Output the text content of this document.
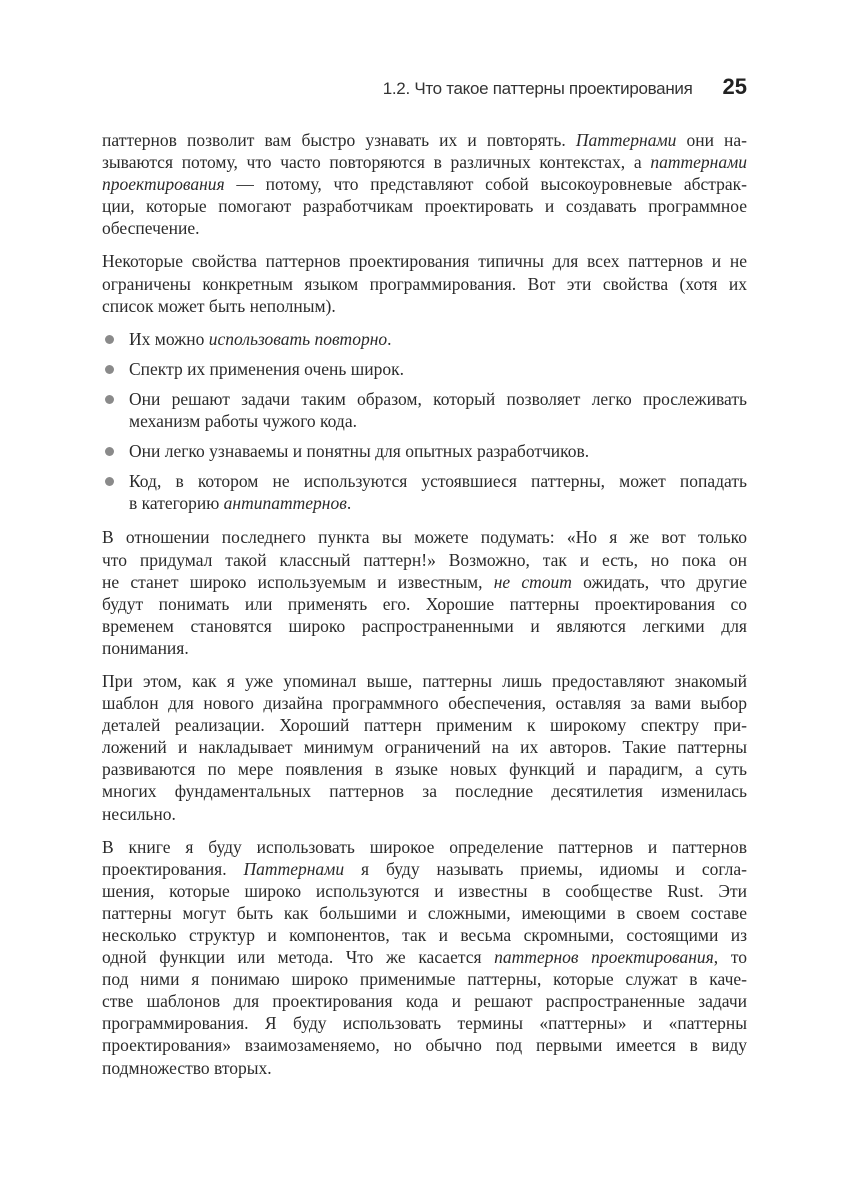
1.2. Что такое паттерны проектирования 25
паттернов позволит вам быстро узнавать их и повторять. Паттернами они на-
зываются потому, что часто повторяются в различных контекстах, а паттернами
проектирования — потому, что представляют собой высокоуровневые абстрак-
ции, которые помогают разработчикам проектировать и создавать программное
обеспечение.
Некоторые свойства паттернов проектирования типичны для всех паттернов и не
ограничены конкретным языком программирования. Вот эти свойства (хотя их
список может быть неполным).
Их можно использовать повторно.
Спектр их применения очень широк.
Они решают задачи таким образом, который позволяет легко прослеживать
механизм работы чужого кода.
Они легко узнаваемы и понятны для опытных разработчиков.
Код, в котором не используются устоявшиеся паттерны, может попадать
в категорию антипаттернов.
В отношении последнего пункта вы можете подумать: «Но я же вот только
что придумал такой классный паттерн!» Возможно, так и есть, но пока он
не станет широко используемым и известным, не стоит ожидать, что другие
будут понимать или применять его. Хорошие паттерны проектирования со
временем становятся широко распространенными и являются легкими для
понимания.
При этом, как я уже упоминал выше, паттерны лишь предоставляют знакомый
шаблон для нового дизайна программного обеспечения, оставляя за вами выбор
деталей реализации. Хороший паттерн применим к широкому спектру при-
ложений и накладывает минимум ограничений на их авторов. Такие паттерны
развиваются по мере появления в языке новых функций и парадигм, а суть
многих фундаментальных паттернов за последние десятилетия изменилась
несильно.
В книге я буду использовать широкое определение паттернов и паттернов
проектирования. Паттернами я буду называть приемы, идиомы и согла-
шения, которые широко используются и известны в сообществе Rust. Эти
паттерны могут быть как большими и сложными, имеющими в своем составе
несколько структур и компонентов, так и весьма скромными, состоящими из
одной функции или метода. Что же касается паттернов проектирования, то
под ними я понимаю широко применимые паттерны, которые служат в каче-
стве шаблонов для проектирования кода и решают распространенные задачи
программирования. Я буду использовать термины «паттерны» и «паттерны
проектирования» взаимозаменяемо, но обычно под первыми имеется в виду
подмножество вторых.
